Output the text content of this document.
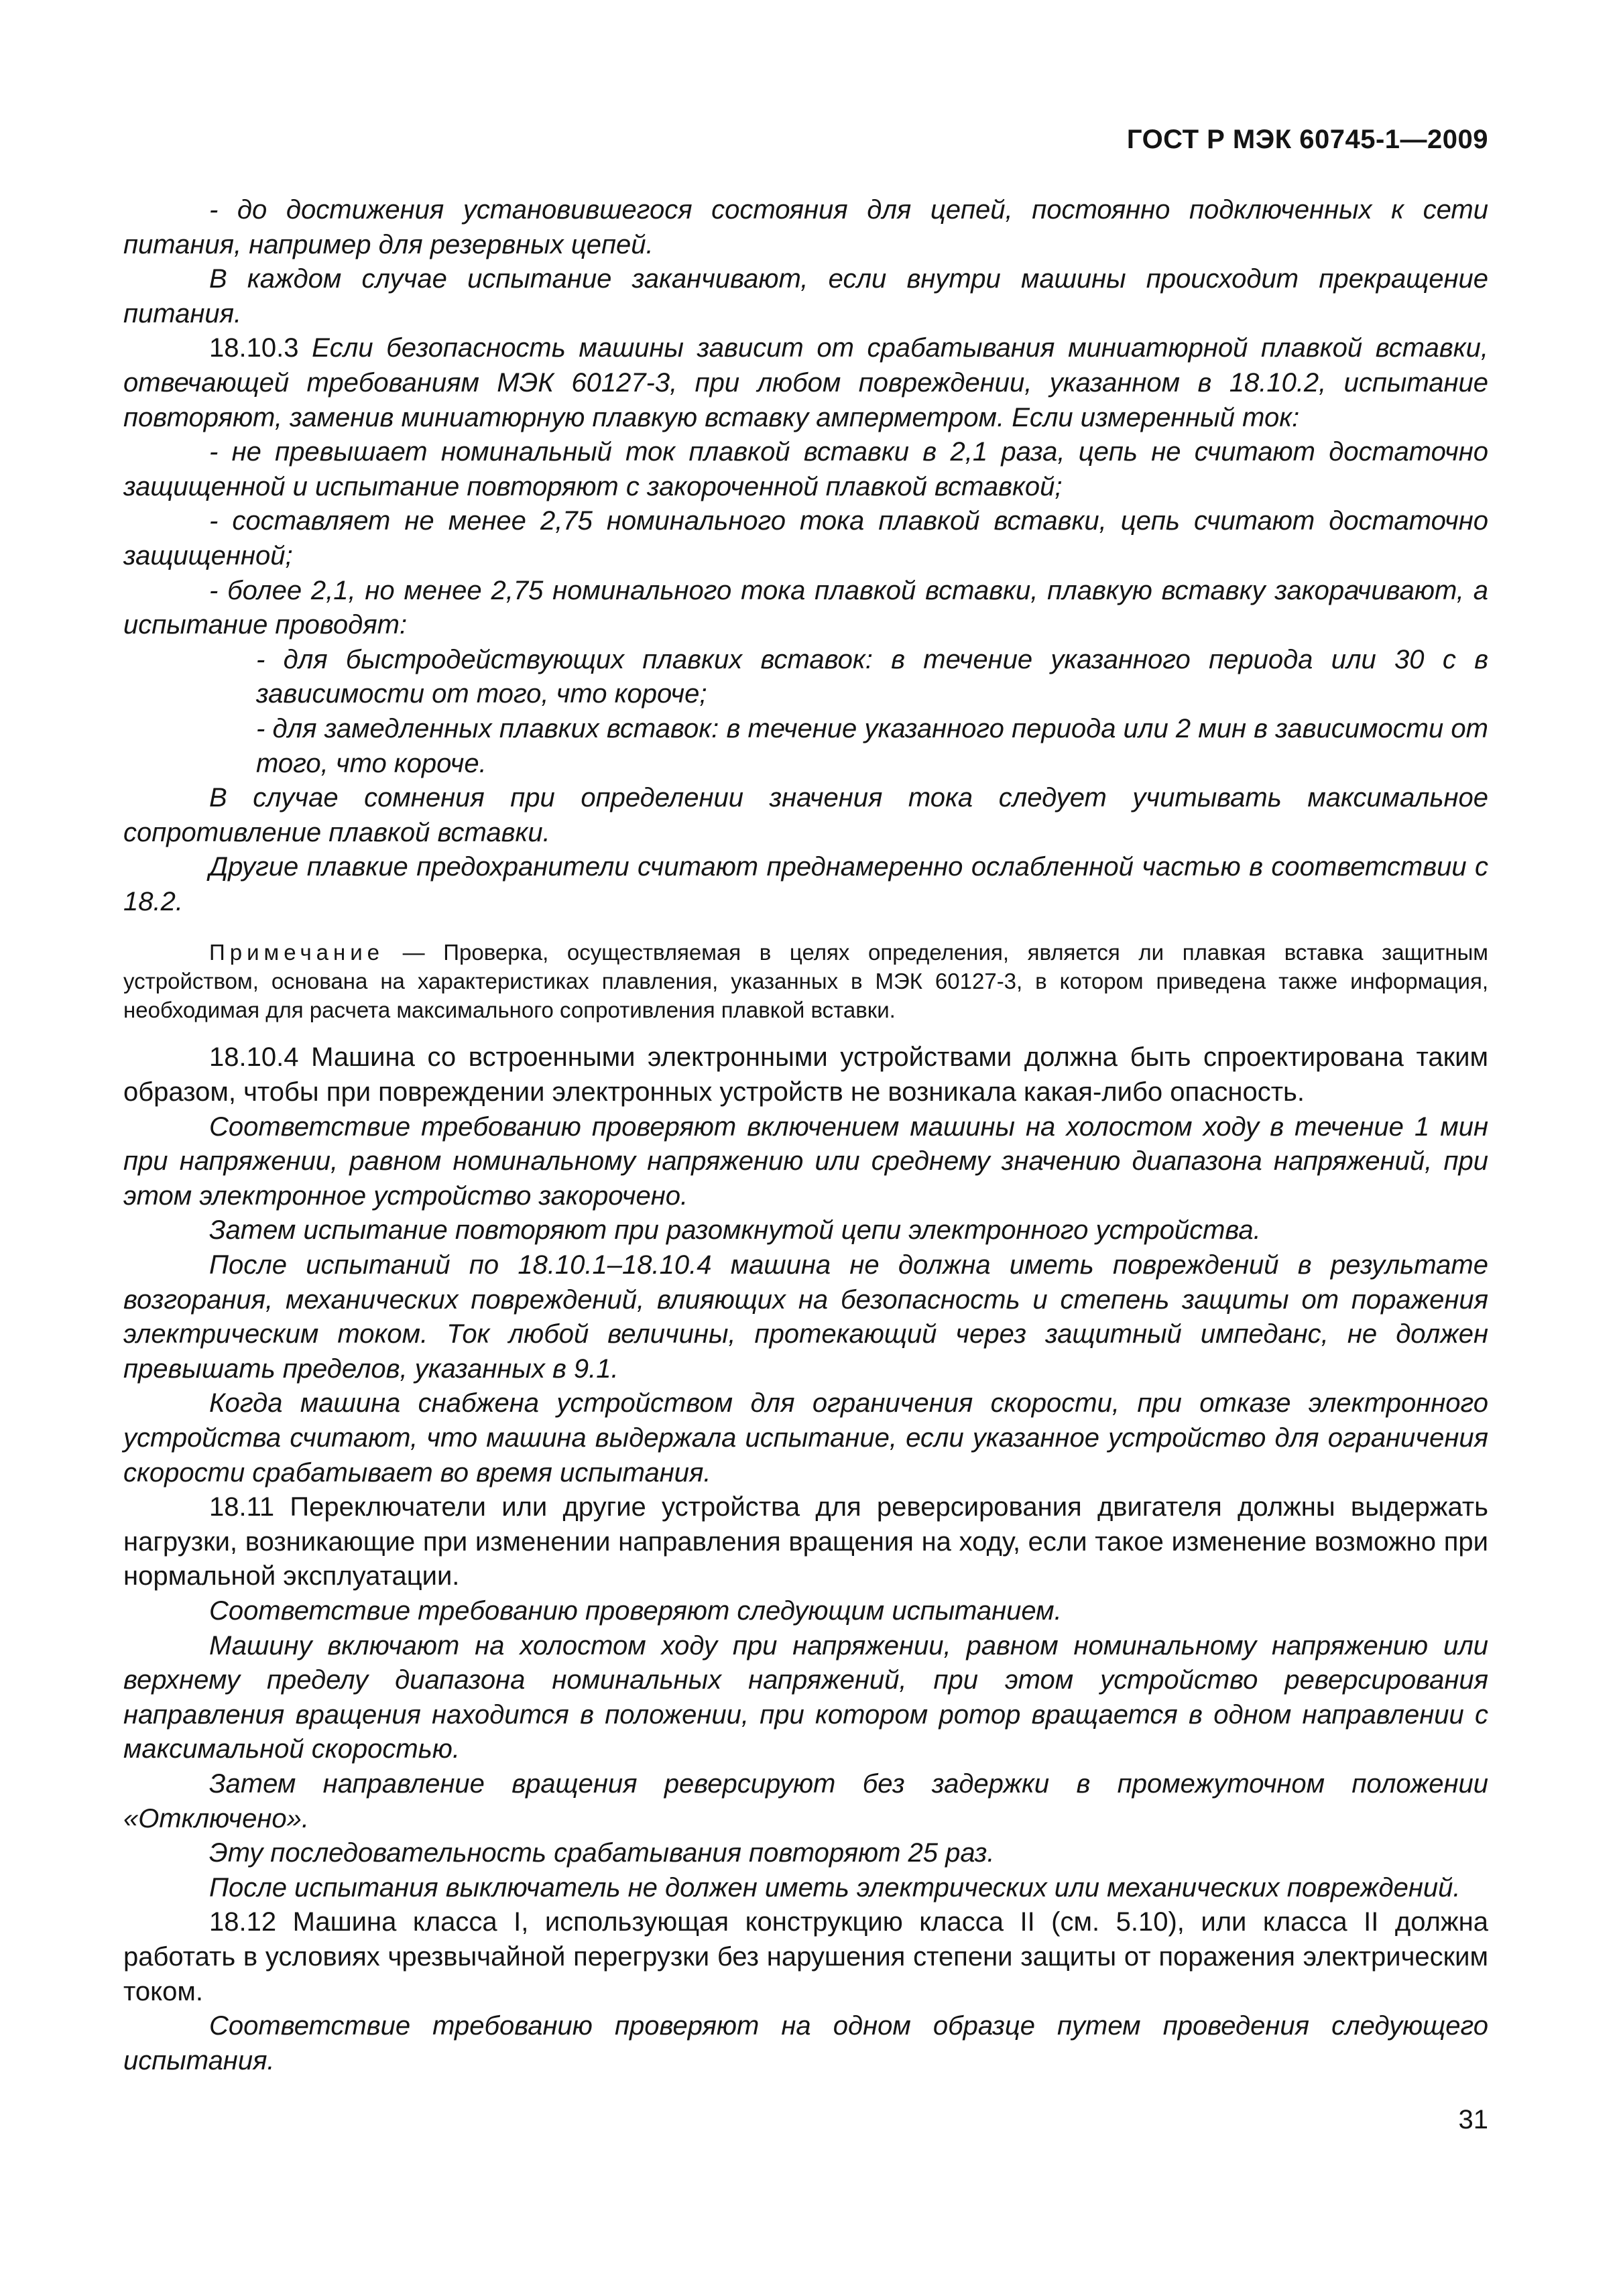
ГОСТ Р МЭК 60745-1—2009

- до достижения установившегося состояния для цепей, постоянно подключенных к сети питания, например для резервных цепей.

В каждом случае испытание заканчивают, если внутри машины происходит прекращение питания.

18.10.3 Если безопасность машины зависит от срабатывания миниатюрной плавкой вставки, отвечающей требованиям МЭК 60127-3, при любом повреждении, указанном в 18.10.2, испытание повторяют, заменив миниатюрную плавкую вставку амперметром. Если измеренный ток:

- не превышает номинальный ток плавкой вставки в 2,1 раза, цепь не считают достаточно защищенной и испытание повторяют с закороченной плавкой вставкой;

- составляет не менее 2,75 номинального тока плавкой вставки, цепь считают достаточно защищенной;

- более 2,1, но менее 2,75 номинального тока плавкой вставки, плавкую вставку закорачивают, а испытание проводят:

- для быстродействующих плавких вставок: в течение указанного периода или 30 с в зависимости от того, что короче;

- для замедленных плавких вставок: в течение указанного периода или 2 мин в зависимости от того, что короче.

В случае сомнения при определении значения тока следует учитывать максимальное сопротивление плавкой вставки.

Другие плавкие предохранители считают преднамеренно ослабленной частью в соответствии с 18.2.

Примечание — Проверка, осуществляемая в целях определения, является ли плавкая вставка защитным устройством, основана на характеристиках плавления, указанных в МЭК 60127-3, в котором приведена также информация, необходимая для расчета максимального сопротивления плавкой вставки.

18.10.4 Машина со встроенными электронными устройствами должна быть спроектирована таким образом, чтобы при повреждении электронных устройств не возникала какая-либо опасность.

Соответствие требованию проверяют включением машины на холостом ходу в течение 1 мин при напряжении, равном номинальному напряжению или среднему значению диапазона напряжений, при этом электронное устройство закорочено.

Затем испытание повторяют при разомкнутой цепи электронного устройства.

После испытаний по 18.10.1–18.10.4 машина не должна иметь повреждений в результате возгорания, механических повреждений, влияющих на безопасность и степень защиты от поражения электрическим током. Ток любой величины, протекающий через защитный импеданс, не должен превышать пределов, указанных в 9.1.

Когда машина снабжена устройством для ограничения скорости, при отказе электронного устройства считают, что машина выдержала испытание, если указанное устройство для ограничения скорости срабатывает во время испытания.

18.11 Переключатели или другие устройства для реверсирования двигателя должны выдержать нагрузки, возникающие при изменении направления вращения на ходу, если такое изменение возможно при нормальной эксплуатации.

Соответствие требованию проверяют следующим испытанием.

Машину включают на холостом ходу при напряжении, равном номинальному напряжению или верхнему пределу диапазона номинальных напряжений, при этом устройство реверсирования направления вращения находится в положении, при котором ротор вращается в одном направлении с максимальной скоростью.

Затем направление вращения реверсируют без задержки в промежуточном положении «Отключено».

Эту последовательность срабатывания повторяют 25 раз.

После испытания выключатель не должен иметь электрических или механических повреждений.

18.12 Машина класса I, использующая конструкцию класса II (см. 5.10), или класса II должна работать в условиях чрезвычайной перегрузки без нарушения степени защиты от поражения электрическим током.

Соответствие требованию проверяют на одном образце путем проведения следующего испытания.

31
